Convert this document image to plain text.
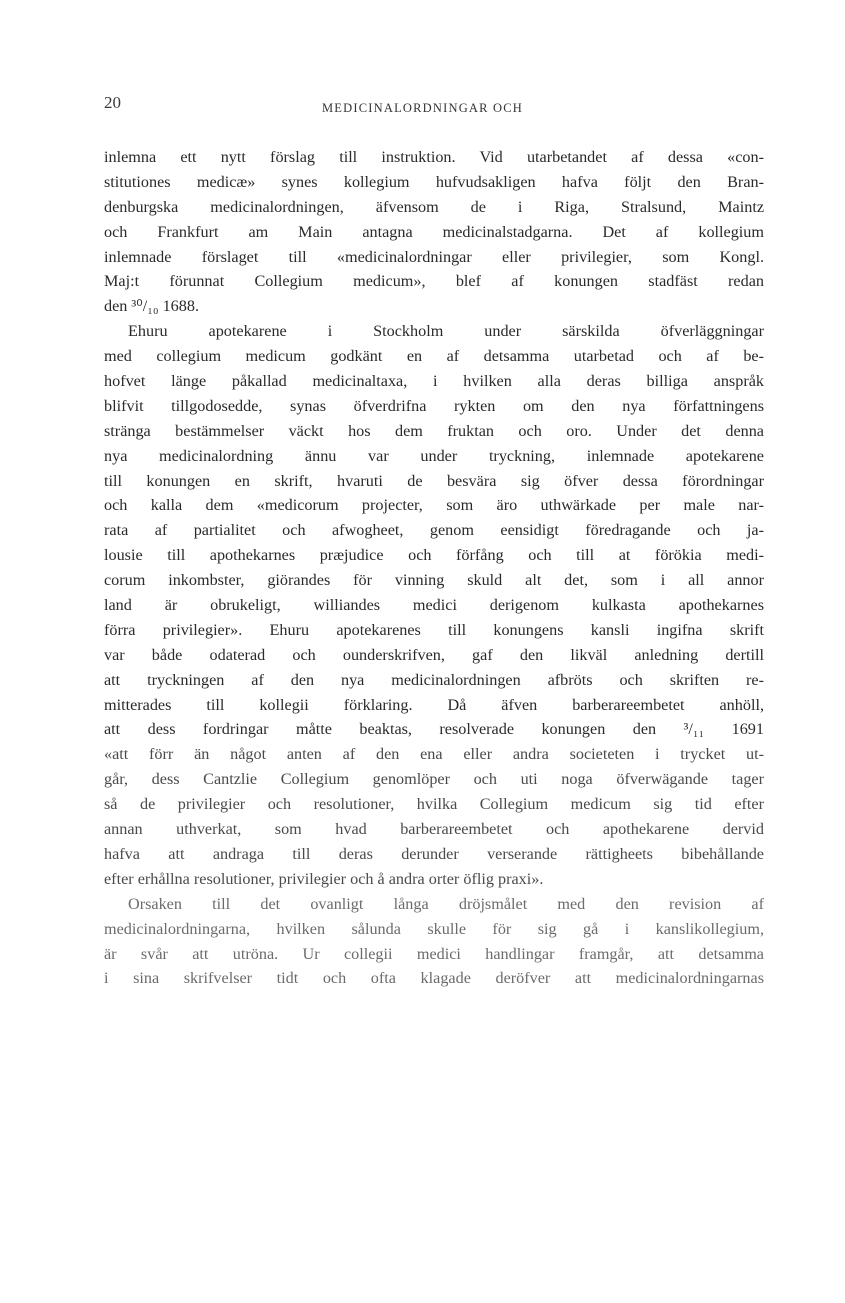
20	MEDICINALORDNINGAR OCH
inlemna ett nytt förslag till instruktion. Vid utarbetandet af dessa «con-
stitutiones medicæ» synes kollegium hufvudsakligen hafva följt den Bran-
denburgska medicinalordningen, äfvensom de i Riga, Stralsund, Maintz
och Frankfurt am Main antagna medicinalstadgarna. Det af kollegium
inlemnade förslaget till «medicinalordningar eller privilegier, som Kongl.
Maj:t förunnat Collegium medicum», blef af konungen stadfäst redan
den ³⁰/₁₀ 1688.
Ehuru apotekarene i Stockholm under särskilda öfverläggningar
med collegium medicum godkänt en af detsamma utarbetad och af be-
hofvet länge påkallad medicinaltaxa, i hvilken alla deras billiga anspråk
blifvit tillgodosedde, synas öfverdrifna rykten om den nya författningens
stränga bestämmelser väckt hos dem fruktan och oro. Under det denna
nya medicinalordning ännu var under tryckning, inlemnade apotekarene
till konungen en skrift, hvaruti de besvära sig öfver dessa förordningar
och kalla dem «medicorum projecter, som äro uthwärkade per male nar-
rata af partialitet och afwogheet, genom eensidigt föredragande och ja-
lousie till apothekarnes præjudice och förfång och till at förökia medi-
corum inkombster, giörandes för vinning skuld alt det, som i all annor
land är obrukeligt, williandes medici derigenom kulkasta apothekarnes
förra privilegier». Ehuru apotekarenes till konungens kansli ingifna skrift
var både odaterad och ounderskrifven, gaf den likväl anledning dertill
att tryckningen af den nya medicinalordningen afbröts och skriften re-
mitterades till kollegii förklaring. Då äfven barberareembetet anhöll,
att dess fordringar måtte beaktas, resolverade konungen den ³/₁₁ 1691
«att förr än något anten af den ena eller andra societeten i trycket ut-
går, dess Cantzlie Collegium genomlöper och uti noga öfverwägande tager
så de privilegier och resolutioner, hvilka Collegium medicum sig tid efter
annan uthverkat, som hvad barberareembetet och apothekarene dervid
hafva att andraga till deras derunder verserande rättigheets bibehållande
efter erhållna resolutioner, privilegier och å andra orter öflig praxi».
Orsaken till det ovanligt långa dröjsmålet med den revision af
medicinalordningarna, hvilken sålunda skulle för sig gå i kanslikollegium,
är svår att utröna. Ur collegii medici handlingar framgår, att detsamma
i sina skrifvelser tidt och ofta klagade deröfver att medicinalordningarnas
